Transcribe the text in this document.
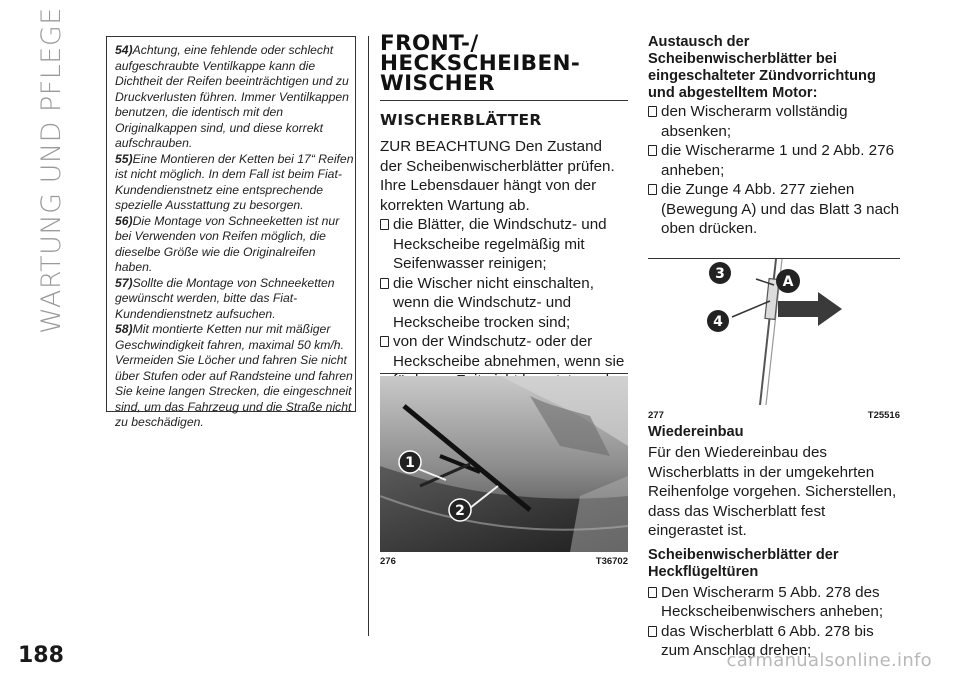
WARTUNG UND PFLEGE	54)Achtung, eine fehlende oder schlecht aufgeschraubte Ventilkappe kann die Dichtheit der Reifen beeinträchtigen und zu Druckverlusten führen. Immer Ventilkappen benutzen, die identisch mit den Originalkappen sind, und diese korrekt aufschrauben.

55)Eine Montieren der Ketten bei 17“ Reifen ist nicht möglich. In dem Fall ist beim Fiat-Kundendienstnetz eine entsprechende spezielle Ausstattung zu besorgen.

56)Die Montage von Schneeketten ist nur bei Verwenden von Reifen möglich, die dieselbe Größe wie die Originalreifen haben.

57)Sollte die Montage von Schneeketten gewünscht werden, bitte das Fiat-Kundendienstnetz aufsuchen.

58)Mit montierte Ketten nur mit mäßiger Geschwindigkeit fahren, maximal 50 km/h. Vermeiden Sie Löcher und fahren Sie nicht über Stufen oder auf Randsteine und fahren Sie keine langen Strecken, die eingeschneit sind, um das Fahrzeug und die Straße nicht zu beschädigen.

FRONT-/
HECKSCHEIBEN-
WISCHER
WISCHERBLÄTTER

ZUR BEACHTUNG Den Zustand der Scheibenwischerblätter prüfen. Ihre Lebensdauer hängt von der korrekten Wartung ab.

die Blätter, die Windschutz- und Heckscheibe regelmäßig mit Seifenwasser reinigen;
die Wischer nicht einschalten, wenn die Windschutz- und Heckscheibe trocken sind;
von der Windschutz- oder der Heckscheibe abnehmen, wenn sie
1
2
276	T36702
Austausch der Scheibenwischerblätter bei eingeschalteter Zündvorrichtung und abgestelltem Motor:
den Wischerarm vollständig absenken;
die Wischerarme 1 und 2 Abb. 276 anheben;
die Zunge 4 Abb. 277 ziehen (Bewegung A) und das Blatt 3 nach oben drücken.
3
4
A
277	T25516
Wiedereinbau

Für den Wiedereinbau des Wischerblatts in der umgekehrten Reihenfolge vorgehen. Sicherstellen, dass das Wischerblatt fest eingerastet ist.

Scheibenwischerblätter der Heckflügeltüren
Den Wischerarm 5 Abb. 278 des Heckscheibenwischers anheben;
das Wischerblatt 6 Abb. 278 bis zum Anschlag drehen;
188	carmanualsonline.info
